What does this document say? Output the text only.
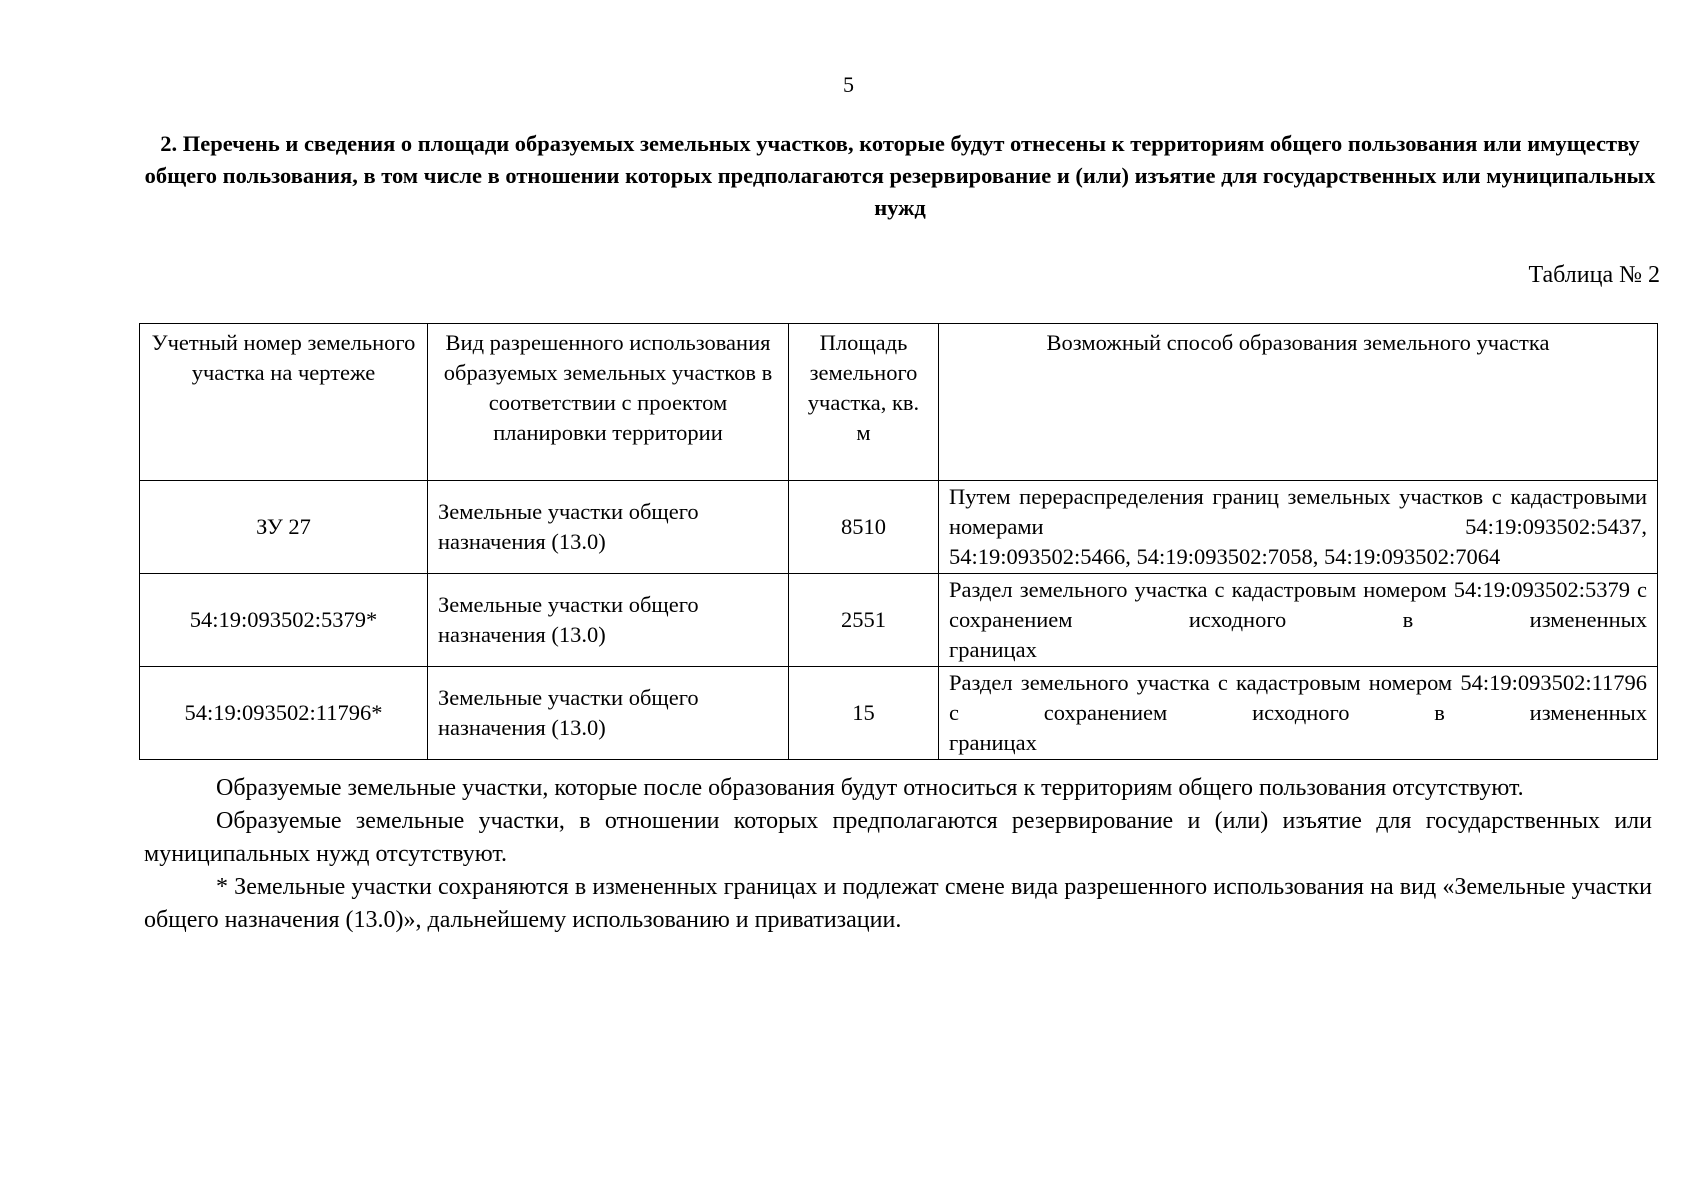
5
2. Перечень и сведения о площади образуемых земельных участков, которые будут отнесены к территориям общего пользования или имуществу общего пользования, в том числе в отношении которых предполагаются резервирование и (или) изъятие для государственных или муниципальных нужд
Таблица № 2
Учетный номер земельного участка на чертеже	Вид разрешенного использования образуемых земельных участков в соответствии с проектом планировки территории	Площадь земельного участка, кв. м	Возможный способ образования земельного участка
ЗУ 27	Земельные участки общего назначения (13.0)	8510	Путем перераспределения границ земельных участков с кадастровыми номерами 54:19:093502:5437,
54:19:093502:5466, 54:19:093502:7058, 54:19:093502:7064

54:19:093502:5379*	Земельные участки общего назначения (13.0)	2551	Раздел земельного участка с кадастровым номером 54:19:093502:5379 с сохранением исходного в измененных
границах

54:19:093502:11796*	Земельные участки общего назначения (13.0)	15	Раздел земельного участка с кадастровым номером 54:19:093502:11796 с сохранением исходного в измененных
границах

Образуемые земельные участки, которые после образования будут относиться к территориям общего пользования отсутствуют.

Образуемые земельные участки, в отношении которых предполагаются резервирование и (или) изъятие для государственных или муниципальных нужд отсутствуют.

* Земельные участки сохраняются в измененных границах и подлежат смене вида разрешенного использования на вид «Земельные участки общего назначения (13.0)», дальнейшему использованию и приватизации.
